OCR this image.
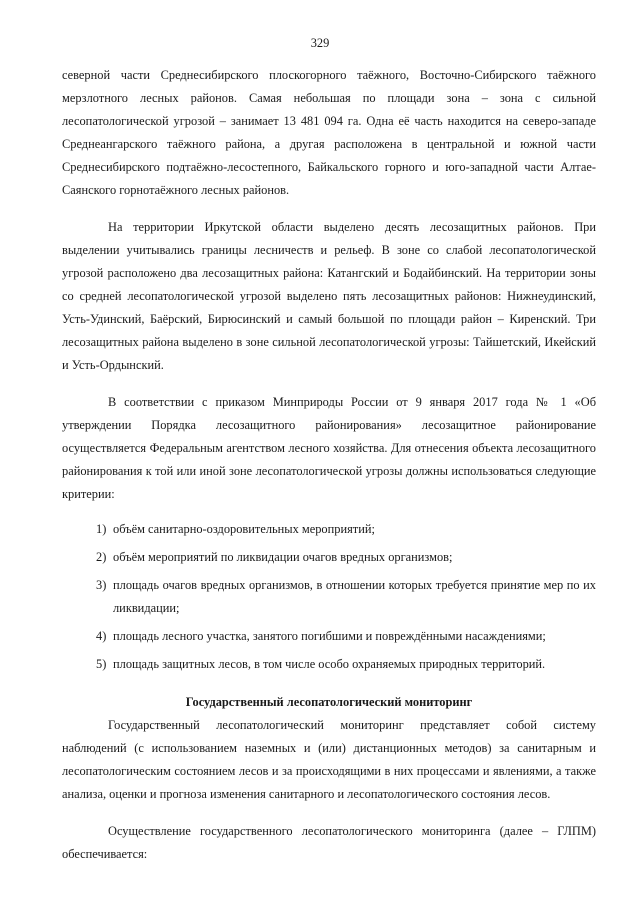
329

северной части Среднесибирского плоскогорного таёжного, Восточно-Сибирского таёжного мерзлотного лесных районов. Самая небольшая по площади зона – зона с сильной лесопатологической угрозой – занимает 13 481 094 га. Одна её часть находится на северо-западе Среднеангарского таёжного района, а другая расположена в центральной и южной части Среднесибирского подтаёжно-лесостепного, Байкальского горного и юго-западной части Алтае-Саянского горнотаёжного лесных районов.

На территории Иркутской области выделено десять лесозащитных районов. При выделении учитывались границы лесничеств и рельеф. В зоне со слабой лесопатологической угрозой расположено два лесозащитных района: Катангский и Бодайбинский. На территории зоны со средней лесопатологической угрозой выделено пять лесозащитных районов: Нижнеудинский, Усть-Удинский, Баёрский, Бирюсинский и самый большой по площади район – Киренский. Три лесозащитных района выделено в зоне сильной лесопатологической угрозы: Тайшетский, Икейский и Усть-Ордынский.

В соответствии с приказом Минприроды России от 9 января 2017 года № 1 «Об утверждении Порядка лесозащитного районирования» лесозащитное районирование осуществляется Федеральным агентством лесного хозяйства. Для отнесения объекта лесозащитного районирования к той или иной зоне лесопатологической угрозы должны использоваться следующие критерии:

1) объём санитарно-оздоровительных мероприятий;
2) объём мероприятий по ликвидации очагов вредных организмов;
3) площадь очагов вредных организмов, в отношении которых требуется принятие мер по их ликвидации;
4) площадь лесного участка, занятого погибшими и повреждёнными насаждениями;
5) площадь защитных лесов, в том числе особо охраняемых природных территорий.
Государственный лесопатологический мониторинг

Государственный лесопатологический мониторинг представляет собой систему наблюдений (с использованием наземных и (или) дистанционных методов) за санитарным и лесопатологическим состоянием лесов и за происходящими в них процессами и явлениями, а также анализа, оценки и прогноза изменения санитарного и лесопатологического состояния лесов.

Осуществление государственного лесопатологического мониторинга (далее – ГЛПМ) обеспечивается:
